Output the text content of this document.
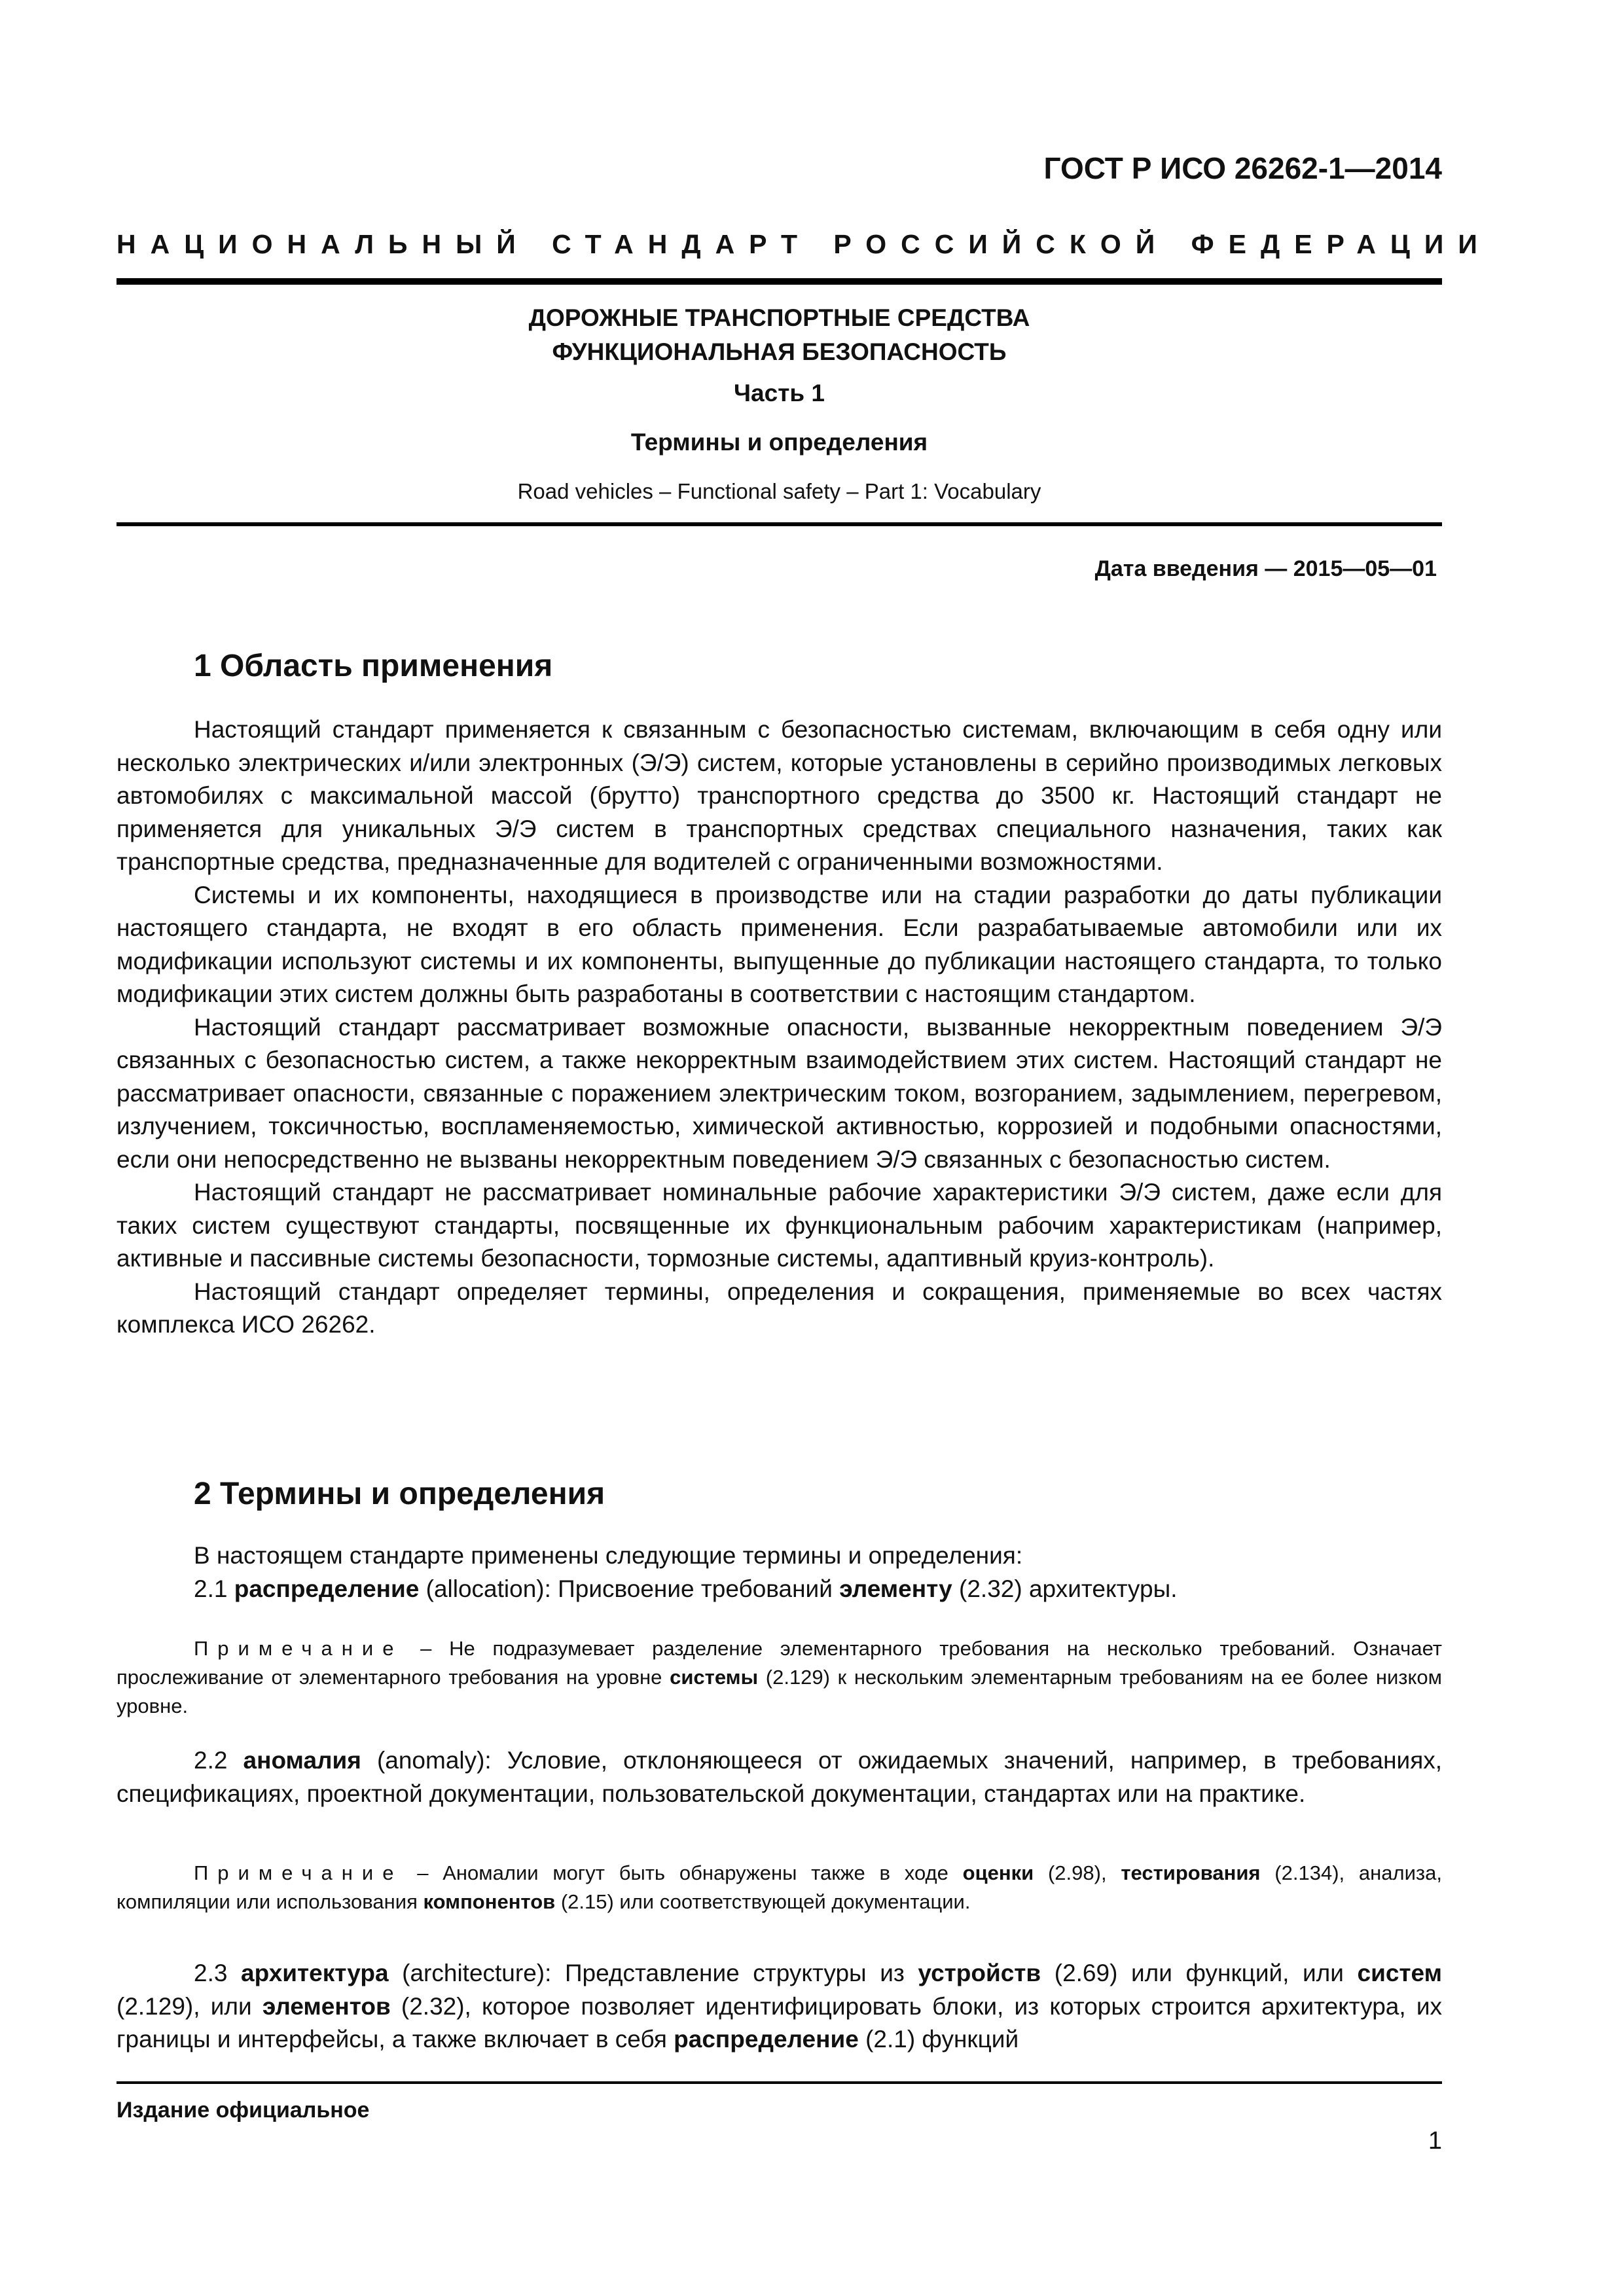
ГОСТ Р ИСО 26262-1—2014
НАЦИОНАЛЬНЫЙ СТАНДАРТ РОССИЙСКОЙ ФЕДЕРАЦИИ
ДОРОЖНЫЕ ТРАНСПОРТНЫЕ СРЕДСТВА
ФУНКЦИОНАЛЬНАЯ БЕЗОПАСНОСТЬ
Часть 1
Термины и определения
Road vehicles – Functional safety – Part 1: Vocabulary
Дата введения — 2015—05—01
1 Область применения

Настоящий стандарт применяется к связанным с безопасностью системам, включающим в себя одну или несколько электрических и/или электронных (Э/Э) систем, которые установлены в серийно производимых легковых автомобилях с максимальной массой (брутто) транспортного средства до 3500 кг. Настоящий стандарт не применяется для уникальных Э/Э систем в транспортных средствах специального назначения, таких как транспортные средства, предназначенные для водителей с ограниченными возможностями.

Системы и их компоненты, находящиеся в производстве или на стадии разработки до даты публикации настоящего стандарта, не входят в его область применения. Если разрабатываемые автомобили или их модификации используют системы и их компоненты, выпущенные до публикации настоящего стандарта, то только модификации этих систем должны быть разработаны в соответствии с настоящим стандартом.

Настоящий стандарт рассматривает возможные опасности, вызванные некорректным поведением Э/Э связанных с безопасностью систем, а также некорректным взаимодействием этих систем. Настоящий стандарт не рассматривает опасности, связанные с поражением электрическим током, возгоранием, задымлением, перегревом, излучением, токсичностью, воспламеняемостью, химической активностью, коррозией и подобными опасностями, если они непосредственно не вызваны некорректным поведением Э/Э связанных с безопасностью систем.

Настоящий стандарт не рассматривает номинальные рабочие характеристики Э/Э систем, даже если для таких систем существуют стандарты, посвященные их функциональным рабочим характеристикам (например, активные и пассивные системы безопасности, тормозные системы, адаптивный круиз-контроль).

Настоящий стандарт определяет термины, определения и сокращения, применяемые во всех частях комплекса ИСО 26262.

2 Термины и определения

В настоящем стандарте применены следующие термины и определения:

2.1 распределение (allocation): Присвоение требований элементу (2.32) архитектуры.

Примечание – Не подразумевает разделение элементарного требования на несколько требований. Означает прослеживание от элементарного требования на уровне системы (2.129) к нескольким элементарным требованиям на ее более низком уровне.

2.2 аномалия (anomaly): Условие, отклоняющееся от ожидаемых значений, например, в требованиях, спецификациях, проектной документации, пользовательской документации, стандартах или на практике.

Примечание – Аномалии могут быть обнаружены также в ходе оценки (2.98), тестирования (2.134), анализа, компиляции или использования компонентов (2.15) или соответствующей документации.

2.3 архитектура (architecture): Представление структуры из устройств (2.69) или функций, или систем (2.129), или элементов (2.32), которое позволяет идентифицировать блоки, из которых строится архитектура, их границы и интерфейсы, а также включает в себя распределение (2.1) функций

Издание официальное
1
